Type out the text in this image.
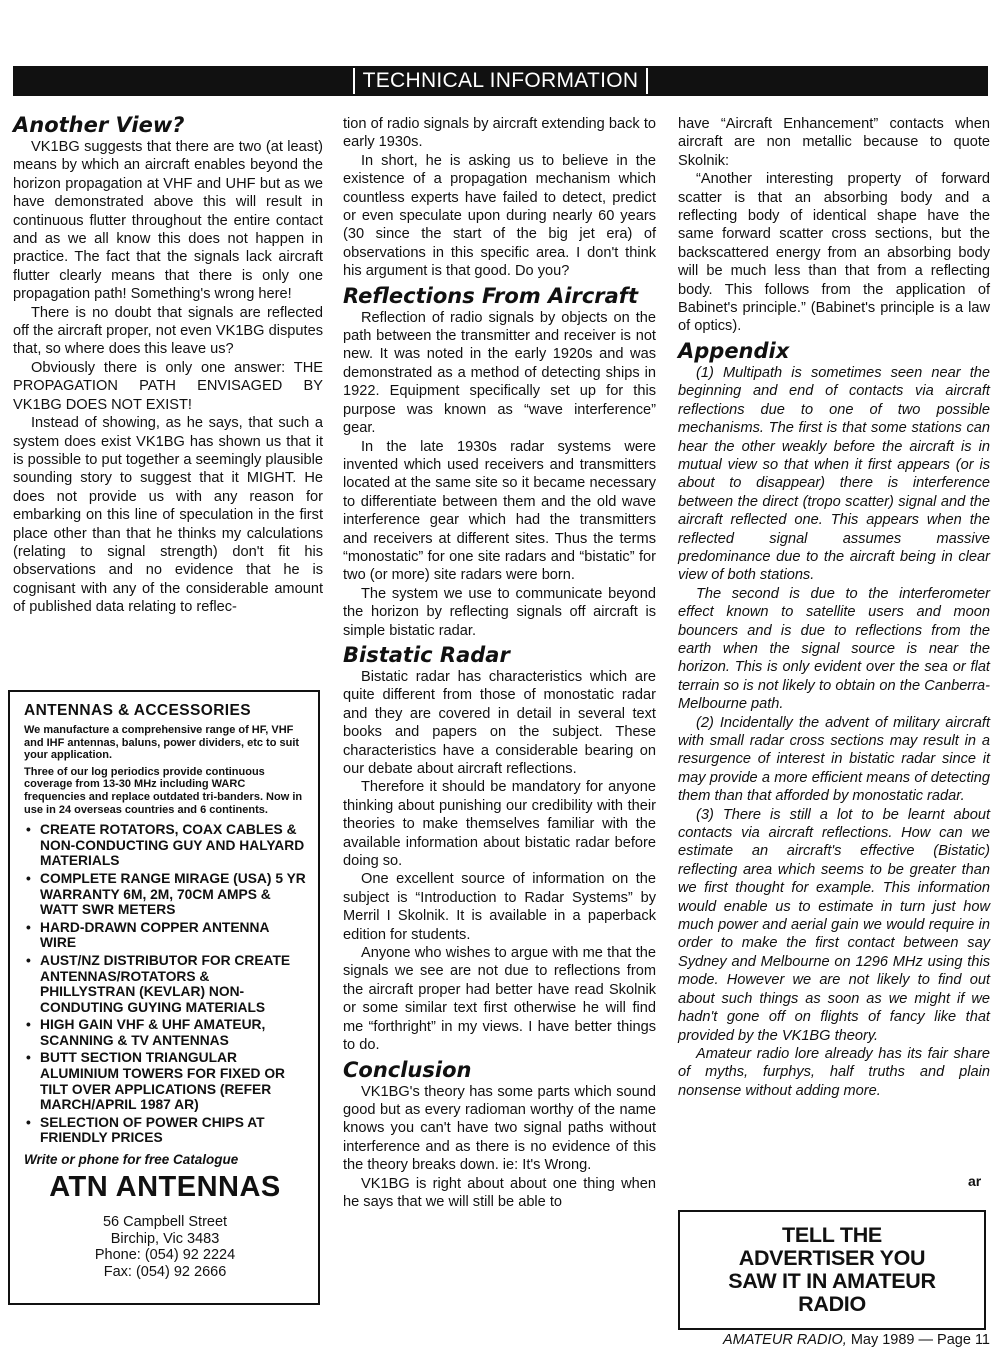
TECHNICAL INFORMATION
Another View?

VK1BG suggests that there are two (at least) means by which an aircraft enables beyond the horizon propagation at VHF and UHF but as we have demonstrated above this will result in continuous flutter throughout the entire contact and as we all know this does not happen in practice. The fact that the signals lack aircraft flutter clearly means that there is only one propagation path! Something's wrong here!

There is no doubt that signals are reflected off the aircraft proper, not even VK1BG disputes that, so where does this leave us?

Obviously there is only one answer: THE PROPAGATION PATH ENVISAGED BY VK1BG DOES NOT EXIST!

Instead of showing, as he says, that such a system does exist VK1BG has shown us that it is possible to put together a seemingly plausible sounding story to suggest that it MIGHT. He does not provide us with any reason for embarking on this line of speculation in the first place other than that he thinks my calculations (relating to signal strength) don't fit his observations and no evidence that he is cognisant with any of the considerable amount of published data relating to reflec-

ANTENNAS & ACCESSORIES
We manufacture a comprehensive range of HF, VHF and IHF antennas, baluns, power dividers, etc to suit your application.
Three of our log periodics provide continuous coverage from 13-30 MHz including WARC frequencies and replace outdated tri-banders. Now in use in 24 overseas countries and 6 continents.
• CREATE ROTATORS, COAX CABLES & NON-CONDUCTING GUY AND HALYARD MATERIALS
• COMPLETE RANGE MIRAGE (USA) 5 YR WARRANTY 6M, 2M, 70CM AMPS & WATT SWR METERS
• HARD-DRAWN COPPER ANTENNA WIRE
• AUST/NZ DISTRIBUTOR FOR CREATE ANTENNAS/ROTATORS & PHILLYSTRAN (KEVLAR) NON-CONDUTING GUYING MATERIALS
• HIGH GAIN VHF & UHF AMATEUR, SCANNING & TV ANTENNAS
• BUTT SECTION TRIANGULAR ALUMINIUM TOWERS FOR FIXED OR TILT OVER APPLICATIONS (REFER MARCH/APRIL 1987 AR)
• SELECTION OF POWER CHIPS AT FRIENDLY PRICES
Write or phone for free Catalogue
ATN ANTENNAS
56 Campbell Street
Birchip, Vic 3483
Phone: (054) 92 2224
Fax: (054) 92 2666

tion of radio signals by aircraft extending back to early 1930s.

In short, he is asking us to believe in the existence of a propagation mechanism which countless experts have failed to detect, predict or even speculate upon during nearly 60 years (30 since the start of the big jet era) of observations in this specific area. I don't think his argument is that good. Do you?

Reflections From Aircraft

Reflection of radio signals by objects on the path between the transmitter and receiver is not new. It was noted in the early 1920s and was demonstrated as a method of detecting ships in 1922. Equipment specifically set up for this purpose was known as “wave interference” gear.

In the late 1930s radar systems were invented which used receivers and transmitters located at the same site so it became necessary to differentiate between them and the old wave interference gear which had the transmitters and receivers at different sites. Thus the terms “monostatic” for one site radars and “bistatic” for two (or more) site radars were born.

The system we use to communicate beyond the horizon by reflecting signals off aircraft is simple bistatic radar.

Bistatic Radar

Bistatic radar has characteristics which are quite different from those of monostatic radar and they are covered in detail in several text books and papers on the subject. These characteristics have a considerable bearing on our debate about aircraft reflections.

Therefore it should be mandatory for anyone thinking about punishing our credibility with their theories to make themselves familiar with the available information about bistatic radar before doing so.

One excellent source of information on the subject is “Introduction to Radar Systems” by Merril I Skolnik. It is available in a paperback edition for students.

Anyone who wishes to argue with me that the signals we see are not due to reflections from the aircraft proper had better have read Skolnik or some similar text first otherwise he will find me “forthright” in my views. I have better things to do.

Conclusion

VK1BG's theory has some parts which sound good but as every radioman worthy of the name knows you can't have two signal paths without interference and as there is no evidence of this the theory breaks down. ie: It's Wrong.

VK1BG is right about about one thing when he says that we will still be able to

have “Aircraft Enhancement” contacts when aircraft are non metallic because to quote Skolnik:

“Another interesting property of forward scatter is that an absorbing body and a reflecting body of identical shape have the same forward scatter cross sections, but the backscattered energy from an absorbing body will be much less than that from a reflecting body. This follows from the application of Babinet's principle.” (Babinet's principle is a law of optics).

Appendix

(1) Multipath is sometimes seen near the beginning and end of contacts via aircraft reflections due to one of two possible mechanisms. The first is that some stations can hear the other weakly before the aircraft is in mutual view so that when it first appears (or is about to disappear) there is interference between the direct (tropo scatter) signal and the aircraft reflected one. This appears when the reflected signal assumes massive predominance due to the aircraft being in clear view of both stations.

The second is due to the interferometer effect known to satellite users and moon bouncers and is due to reflections from the earth when the signal source is near the horizon. This is only evident over the sea or flat terrain so is not likely to obtain on the Canberra-Melbourne path.

(2) Incidentally the advent of military aircraft with small radar cross sections may result in a resurgence of interest in bistatic radar since it may provide a more efficient means of detecting them than that afforded by monostatic radar.

(3) There is still a lot to be learnt about contacts via aircraft reflections. How can we estimate an aircraft's effective (Bistatic) reflecting area which seems to be greater than we first thought for example. This information would enable us to estimate in turn just how much power and aerial gain we would require in order to make the first contact between say Sydney and Melbourne on 1296 MHz using this mode. However we are not likely to find out about such things as soon as we might if we hadn't gone off on flights of fancy like that provided by the VK1BG theory.

Amateur radio lore already has its fair share of myths, furphys, half truths and plain nonsense without adding more.

ar
TELL THE
ADVERTISER YOU
SAW IT IN AMATEUR
RADIO
AMATEUR RADIO, May 1989 — Page 11
